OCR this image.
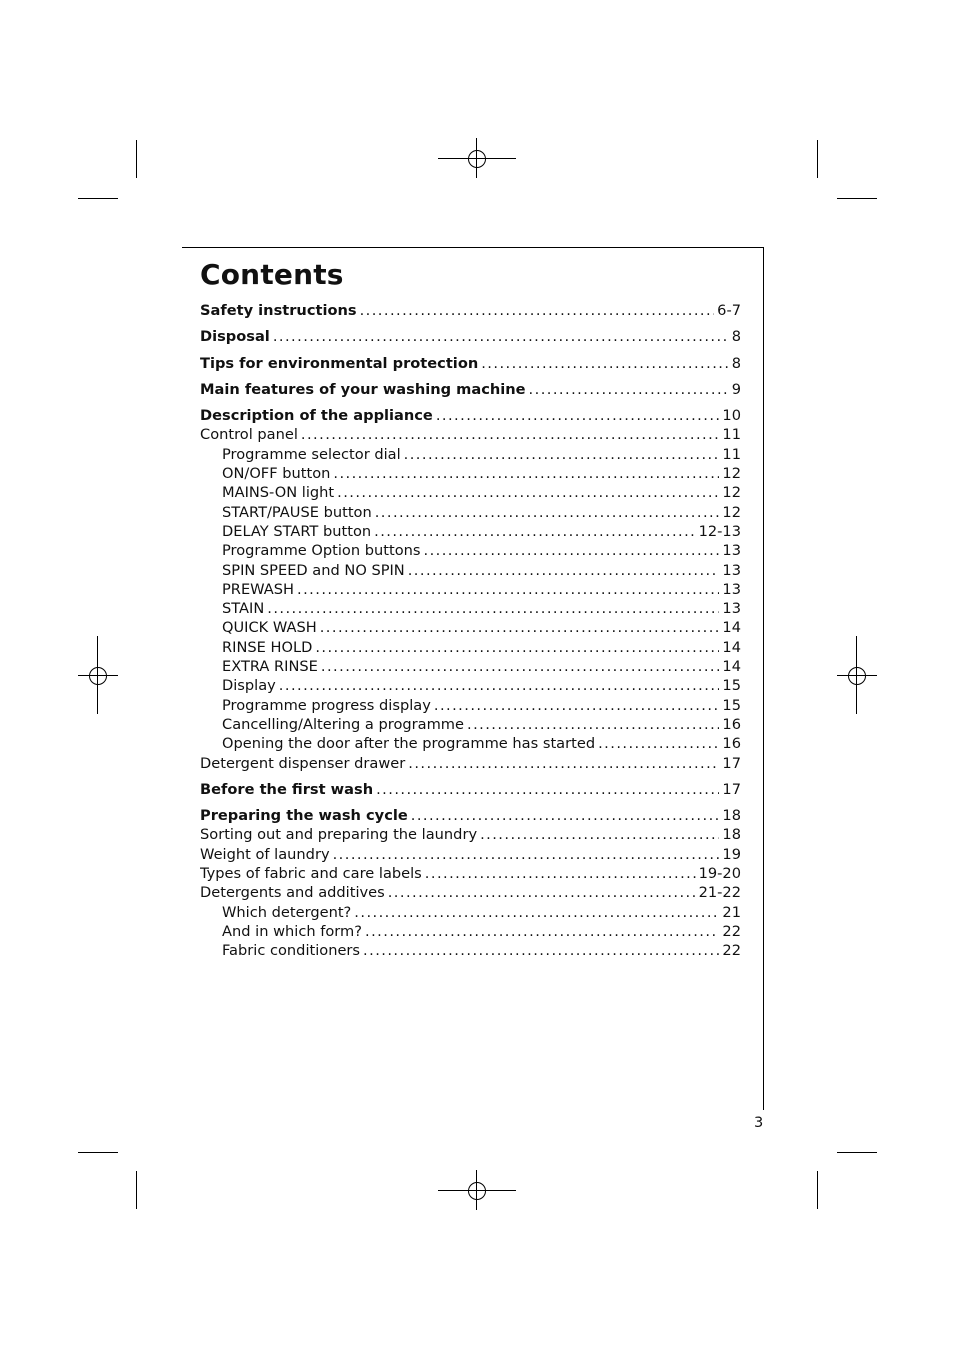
Contents
Safety instructions . . .	6-7
Disposal . . .	8
Tips for environmental protection . . .	8
Main features of your washing machine . . .	9
Description of the appliance . . .	10
Control panel . . .	11
Programme selector dial . . .	11
ON/OFF button . . .	12
MAINS-ON light . . .	12
START/PAUSE button . . .	12
DELAY START button . . .	12-13
Programme Option buttons . . .	13
SPIN SPEED and NO SPIN . . .	13
PREWASH . . .	13
STAIN . . .	13
QUICK WASH . . .	14
RINSE HOLD . . .	14
EXTRA RINSE . . .	14
Display . . .	15
Programme progress display . . .	15
Cancelling/Altering a programme . . .	16
Opening the door after the programme has started . . .	16
Detergent dispenser drawer . . .	17
Before the first wash . . .	17
Preparing the wash cycle . . .	18
Sorting out and preparing the laundry . . .	18
Weight of laundry . . .	19
Types of fabric and care labels . . .	19-20
Detergents and additives . . .	21-22
Which detergent? . . .	21
And in which form? . . .	22
Fabric conditioners . . .	22
3
